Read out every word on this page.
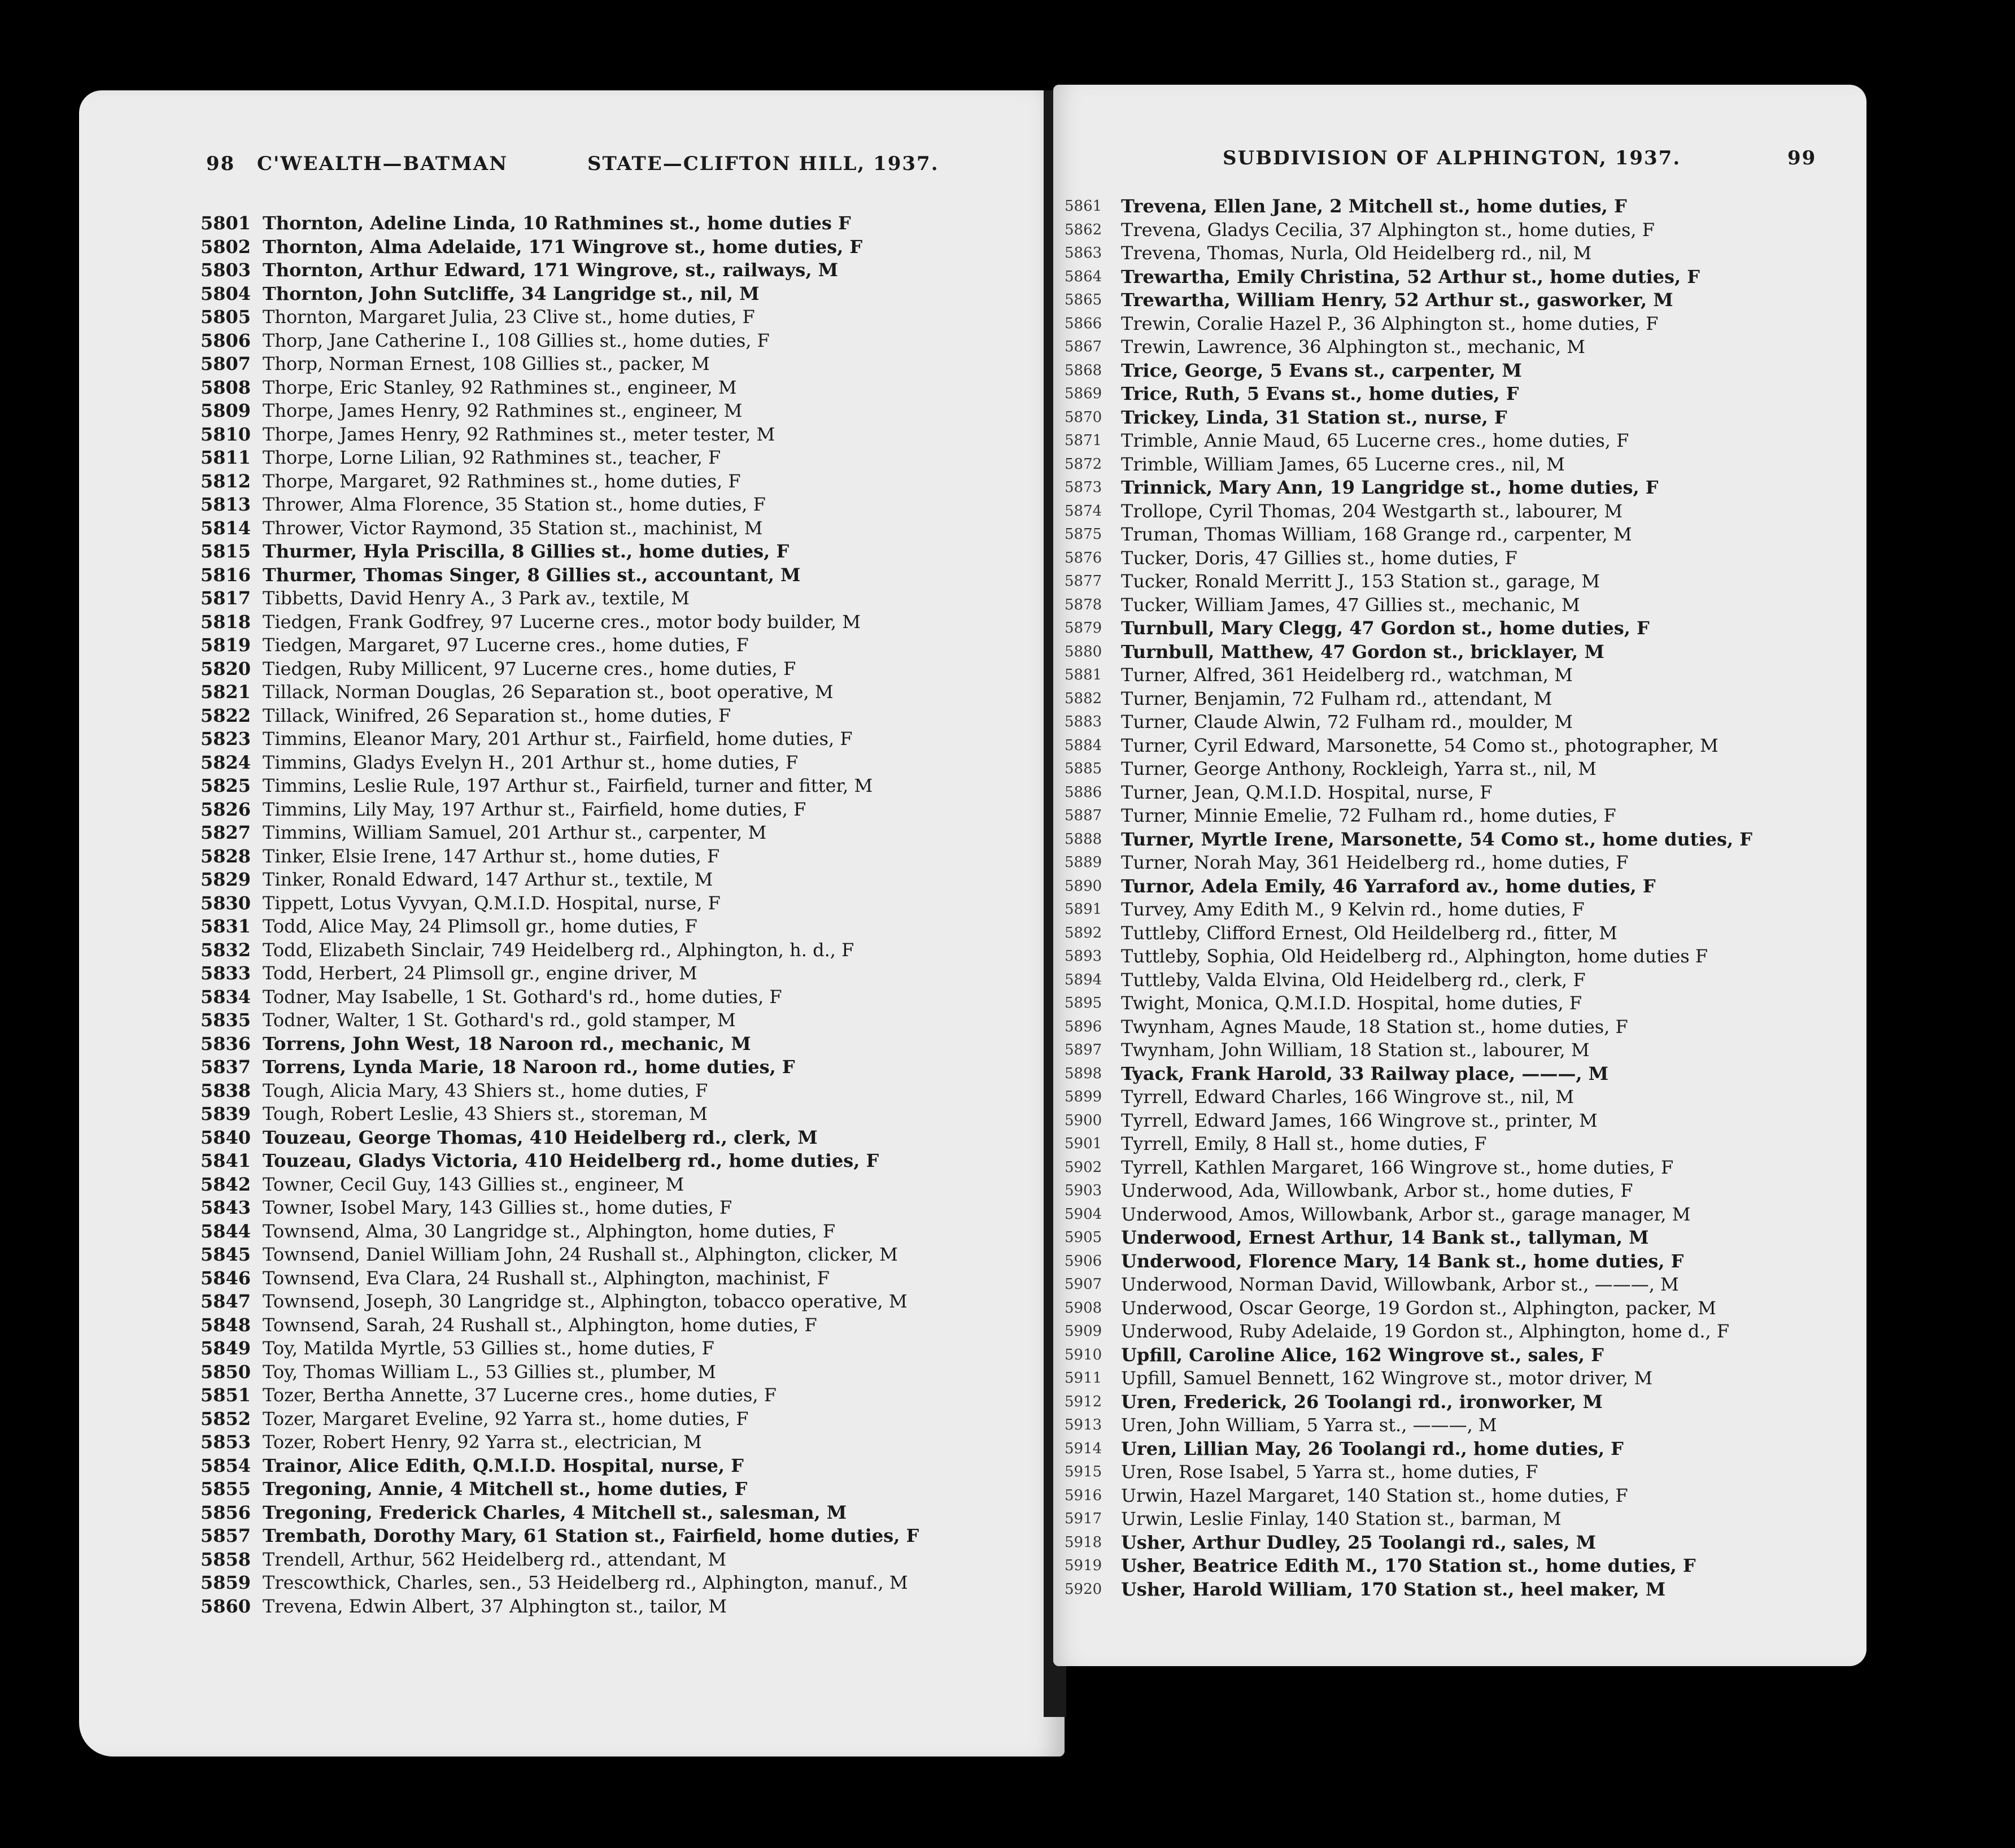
98 C'WEALTH—BATMAN	STATE—CLIFTON HILL, 1937.
5801 Thornton, Adeline Linda, 10 Rathmines st., home duties F
5802 Thornton, Alma Adelaide, 171 Wingrove st., home duties, F
5803 Thornton, Arthur Edward, 171 Wingrove, st., railways, M
5804 Thornton, John Sutcliffe, 34 Langridge st., nil, M
5805 Thornton, Margaret Julia, 23 Clive st., home duties, F
5806 Thorp, Jane Catherine I., 108 Gillies st., home duties, F
5807 Thorp, Norman Ernest, 108 Gillies st., packer, M
5808 Thorpe, Eric Stanley, 92 Rathmines st., engineer, M
5809 Thorpe, James Henry, 92 Rathmines st., engineer, M
5810 Thorpe, James Henry, 92 Rathmines st., meter tester, M
5811 Thorpe, Lorne Lilian, 92 Rathmines st., teacher, F
5812 Thorpe, Margaret, 92 Rathmines st., home duties, F
5813 Thrower, Alma Florence, 35 Station st., home duties, F
5814 Thrower, Victor Raymond, 35 Station st., machinist, M
5815 Thurmer, Hyla Priscilla, 8 Gillies st., home duties, F
5816 Thurmer, Thomas Singer, 8 Gillies st., accountant, M
5817 Tibbetts, David Henry A., 3 Park av., textile, M
5818 Tiedgen, Frank Godfrey, 97 Lucerne cres., motor body builder, M
5819 Tiedgen, Margaret, 97 Lucerne cres., home duties, F
5820 Tiedgen, Ruby Millicent, 97 Lucerne cres., home duties, F
5821 Tillack, Norman Douglas, 26 Separation st., boot operative, M
5822 Tillack, Winifred, 26 Separation st., home duties, F
5823 Timmins, Eleanor Mary, 201 Arthur st., Fairfield, home duties, F
5824 Timmins, Gladys Evelyn H., 201 Arthur st., home duties, F
5825 Timmins, Leslie Rule, 197 Arthur st., Fairfield, turner and fitter, M
5826 Timmins, Lily May, 197 Arthur st., Fairfield, home duties, F
5827 Timmins, William Samuel, 201 Arthur st., carpenter, M
5828 Tinker, Elsie Irene, 147 Arthur st., home duties, F
5829 Tinker, Ronald Edward, 147 Arthur st., textile, M
5830 Tippett, Lotus Vyvyan, Q.M.I.D. Hospital, nurse, F
5831 Todd, Alice May, 24 Plimsoll gr., home duties, F
5832 Todd, Elizabeth Sinclair, 749 Heidelberg rd., Alphington, h. d., F
5833 Todd, Herbert, 24 Plimsoll gr., engine driver, M
5834 Todner, May Isabelle, 1 St. Gothard's rd., home duties, F
5835 Todner, Walter, 1 St. Gothard's rd., gold stamper, M
5836 Torrens, John West, 18 Naroon rd., mechanic, M
5837 Torrens, Lynda Marie, 18 Naroon rd., home duties, F
5838 Tough, Alicia Mary, 43 Shiers st., home duties, F
5839 Tough, Robert Leslie, 43 Shiers st., storeman, M
5840 Touzeau, George Thomas, 410 Heidelberg rd., clerk, M
5841 Touzeau, Gladys Victoria, 410 Heidelberg rd., home duties, F
5842 Towner, Cecil Guy, 143 Gillies st., engineer, M
5843 Towner, Isobel Mary, 143 Gillies st., home duties, F
5844 Townsend, Alma, 30 Langridge st., Alphington, home duties, F
5845 Townsend, Daniel William John, 24 Rushall st., Alphington, clicker, M
5846 Townsend, Eva Clara, 24 Rushall st., Alphington, machinist, F
5847 Townsend, Joseph, 30 Langridge st., Alphington, tobacco operative, M
5848 Townsend, Sarah, 24 Rushall st., Alphington, home duties, F
5849 Toy, Matilda Myrtle, 53 Gillies st., home duties, F
5850 Toy, Thomas William L., 53 Gillies st., plumber, M
5851 Tozer, Bertha Annette, 37 Lucerne cres., home duties, F
5852 Tozer, Margaret Eveline, 92 Yarra st., home duties, F
5853 Tozer, Robert Henry, 92 Yarra st., electrician, M
5854 Trainor, Alice Edith, Q.M.I.D. Hospital, nurse, F
5855 Tregoning, Annie, 4 Mitchell st., home duties, F
5856 Tregoning, Frederick Charles, 4 Mitchell st., salesman, M
5857 Trembath, Dorothy Mary, 61 Station st., Fairfield, home duties, F
5858 Trendell, Arthur, 562 Heidelberg rd., attendant, M
5859 Trescowthick, Charles, sen., 53 Heidelberg rd., Alphington, manuf., M
5860 Trevena, Edwin Albert, 37 Alphington st., tailor, M
SUBDIVISION OF ALPHINGTON, 1937.	99
5861	Trevena, Ellen Jane, 2 Mitchell st., home duties, F
5862	Trevena, Gladys Cecilia, 37 Alphington st., home duties, F
5863	Trevena, Thomas, Nurla, Old Heidelberg rd., nil, M
5864	Trewartha, Emily Christina, 52 Arthur st., home duties, F
5865	Trewartha, William Henry, 52 Arthur st., gasworker, M
5866	Trewin, Coralie Hazel P., 36 Alphington st., home duties, F
5867	Trewin, Lawrence, 36 Alphington st., mechanic, M
5868	Trice, George, 5 Evans st., carpenter, M
5869	Trice, Ruth, 5 Evans st., home duties, F
5870	Trickey, Linda, 31 Station st., nurse, F
5871	Trimble, Annie Maud, 65 Lucerne cres., home duties, F
5872	Trimble, William James, 65 Lucerne cres., nil, M
5873	Trinnick, Mary Ann, 19 Langridge st., home duties, F
5874	Trollope, Cyril Thomas, 204 Westgarth st., labourer, M
5875	Truman, Thomas William, 168 Grange rd., carpenter, M
5876	Tucker, Doris, 47 Gillies st., home duties, F
5877	Tucker, Ronald Merritt J., 153 Station st., garage, M
5878	Tucker, William James, 47 Gillies st., mechanic, M
5879	Turnbull, Mary Clegg, 47 Gordon st., home duties, F
5880	Turnbull, Matthew, 47 Gordon st., bricklayer, M
5881	Turner, Alfred, 361 Heidelberg rd., watchman, M
5882	Turner, Benjamin, 72 Fulham rd., attendant, M
5883	Turner, Claude Alwin, 72 Fulham rd., moulder, M
5884	Turner, Cyril Edward, Marsonette, 54 Como st., photographer, M
5885	Turner, George Anthony, Rockleigh, Yarra st., nil, M
5886	Turner, Jean, Q.M.I.D. Hospital, nurse, F
5887	Turner, Minnie Emelie, 72 Fulham rd., home duties, F
5888	Turner, Myrtle Irene, Marsonette, 54 Como st., home duties, F
5889	Turner, Norah May, 361 Heidelberg rd., home duties, F
5890	Turnor, Adela Emily, 46 Yarraford av., home duties, F
5891	Turvey, Amy Edith M., 9 Kelvin rd., home duties, F
5892	Tuttleby, Clifford Ernest, Old Heildelberg rd., fitter, M
5893	Tuttleby, Sophia, Old Heidelberg rd., Alphington, home duties F
5894	Tuttleby, Valda Elvina, Old Heidelberg rd., clerk, F
5895	Twight, Monica, Q.M.I.D. Hospital, home duties, F
5896	Twynham, Agnes Maude, 18 Station st., home duties, F
5897	Twynham, John William, 18 Station st., labourer, M
5898	Tyack, Frank Harold, 33 Railway place, ———, M
5899	Tyrrell, Edward Charles, 166 Wingrove st., nil, M
5900	Tyrrell, Edward James, 166 Wingrove st., printer, M
5901	Tyrrell, Emily, 8 Hall st., home duties, F
5902	Tyrrell, Kathlen Margaret, 166 Wingrove st., home duties, F
5903	Underwood, Ada, Willowbank, Arbor st., home duties, F
5904	Underwood, Amos, Willowbank, Arbor st., garage manager, M
5905	Underwood, Ernest Arthur, 14 Bank st., tallyman, M
5906	Underwood, Florence Mary, 14 Bank st., home duties, F
5907	Underwood, Norman David, Willowbank, Arbor st., ———, M
5908	Underwood, Oscar George, 19 Gordon st., Alphington, packer, M
5909	Underwood, Ruby Adelaide, 19 Gordon st., Alphington, home d., F
5910	Upfill, Caroline Alice, 162 Wingrove st., sales, F
5911	Upfill, Samuel Bennett, 162 Wingrove st., motor driver, M
5912	Uren, Frederick, 26 Toolangi rd., ironworker, M
5913	Uren, John William, 5 Yarra st., ———, M
5914	Uren, Lillian May, 26 Toolangi rd., home duties, F
5915	Uren, Rose Isabel, 5 Yarra st., home duties, F
5916	Urwin, Hazel Margaret, 140 Station st., home duties, F
5917	Urwin, Leslie Finlay, 140 Station st., barman, M
5918	Usher, Arthur Dudley, 25 Toolangi rd., sales, M
5919	Usher, Beatrice Edith M., 170 Station st., home duties, F
5920	Usher, Harold William, 170 Station st., heel maker, M
